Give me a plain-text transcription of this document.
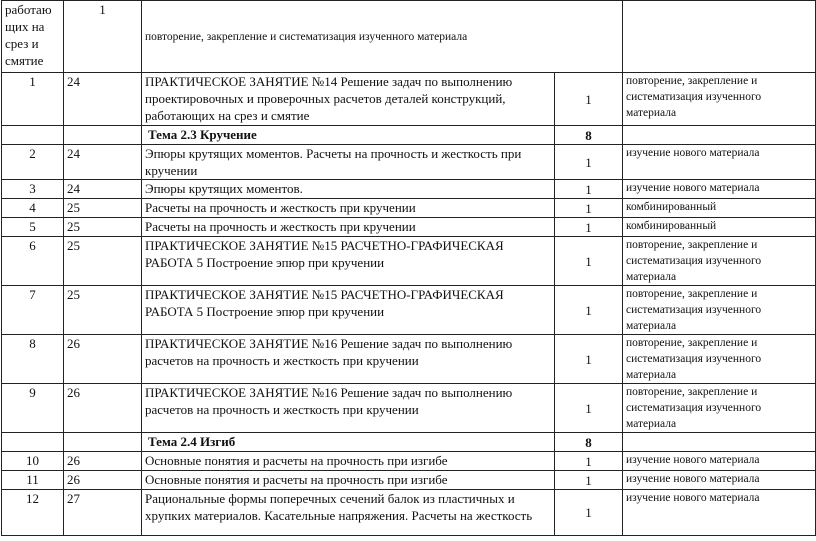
работаю щих на срез и смятие	1	повторение, закрепление и систематизация изученного материала		
1	24	ПРАКТИЧЕСКОЕ ЗАНЯТИЕ №14 Решение задач по выполнению проектировочных и проверочных расчетов деталей конструкций, работающих на срез и смятие	1	повторение, закрепление и систематизация изученного материала
		Тема 2.3 Кручение	8	
2	24	Эпюры крутящих моментов. Расчеты на прочность и жесткость при кручении	1	изучение нового материала
3	24	Эпюры крутящих моментов.	1	изучение нового материала
4	25	Расчеты на прочность и жесткость при кручении	1	комбинированный
5	25	Расчеты на прочность и жесткость при кручении	1	комбинированный
6	25	ПРАКТИЧЕСКОЕ ЗАНЯТИЕ №15 РАСЧЕТНО-ГРАФИЧЕСКАЯ РАБОТА 5 Построение эпюр при кручении	1	повторение, закрепление и систематизация изученного материала
7	25	ПРАКТИЧЕСКОЕ ЗАНЯТИЕ №15 РАСЧЕТНО-ГРАФИЧЕСКАЯ РАБОТА 5 Построение эпюр при кручении	1	повторение, закрепление и систематизация изученного материала
8	26	ПРАКТИЧЕСКОЕ ЗАНЯТИЕ №16 Решение задач по выполнению расчетов на прочность и жесткость при кручении	1	повторение, закрепление и систематизация изученного материала
9	26	ПРАКТИЧЕСКОЕ ЗАНЯТИЕ №16 Решение задач по выполнению расчетов на прочность и жесткость при кручении	1	повторение, закрепление и систематизация изученного материала
		Тема 2.4 Изгиб	8	
10	26	Основные понятия и расчеты на прочность при изгибе	1	изучение нового материала
11	26	Основные понятия и расчеты на прочность при изгибе	1	изучение нового материала
12	27	Рациональные формы поперечных сечений балок из пластичных и хрупких материалов. Касательные напряжения. Расчеты на жесткость	1	изучение нового материала
